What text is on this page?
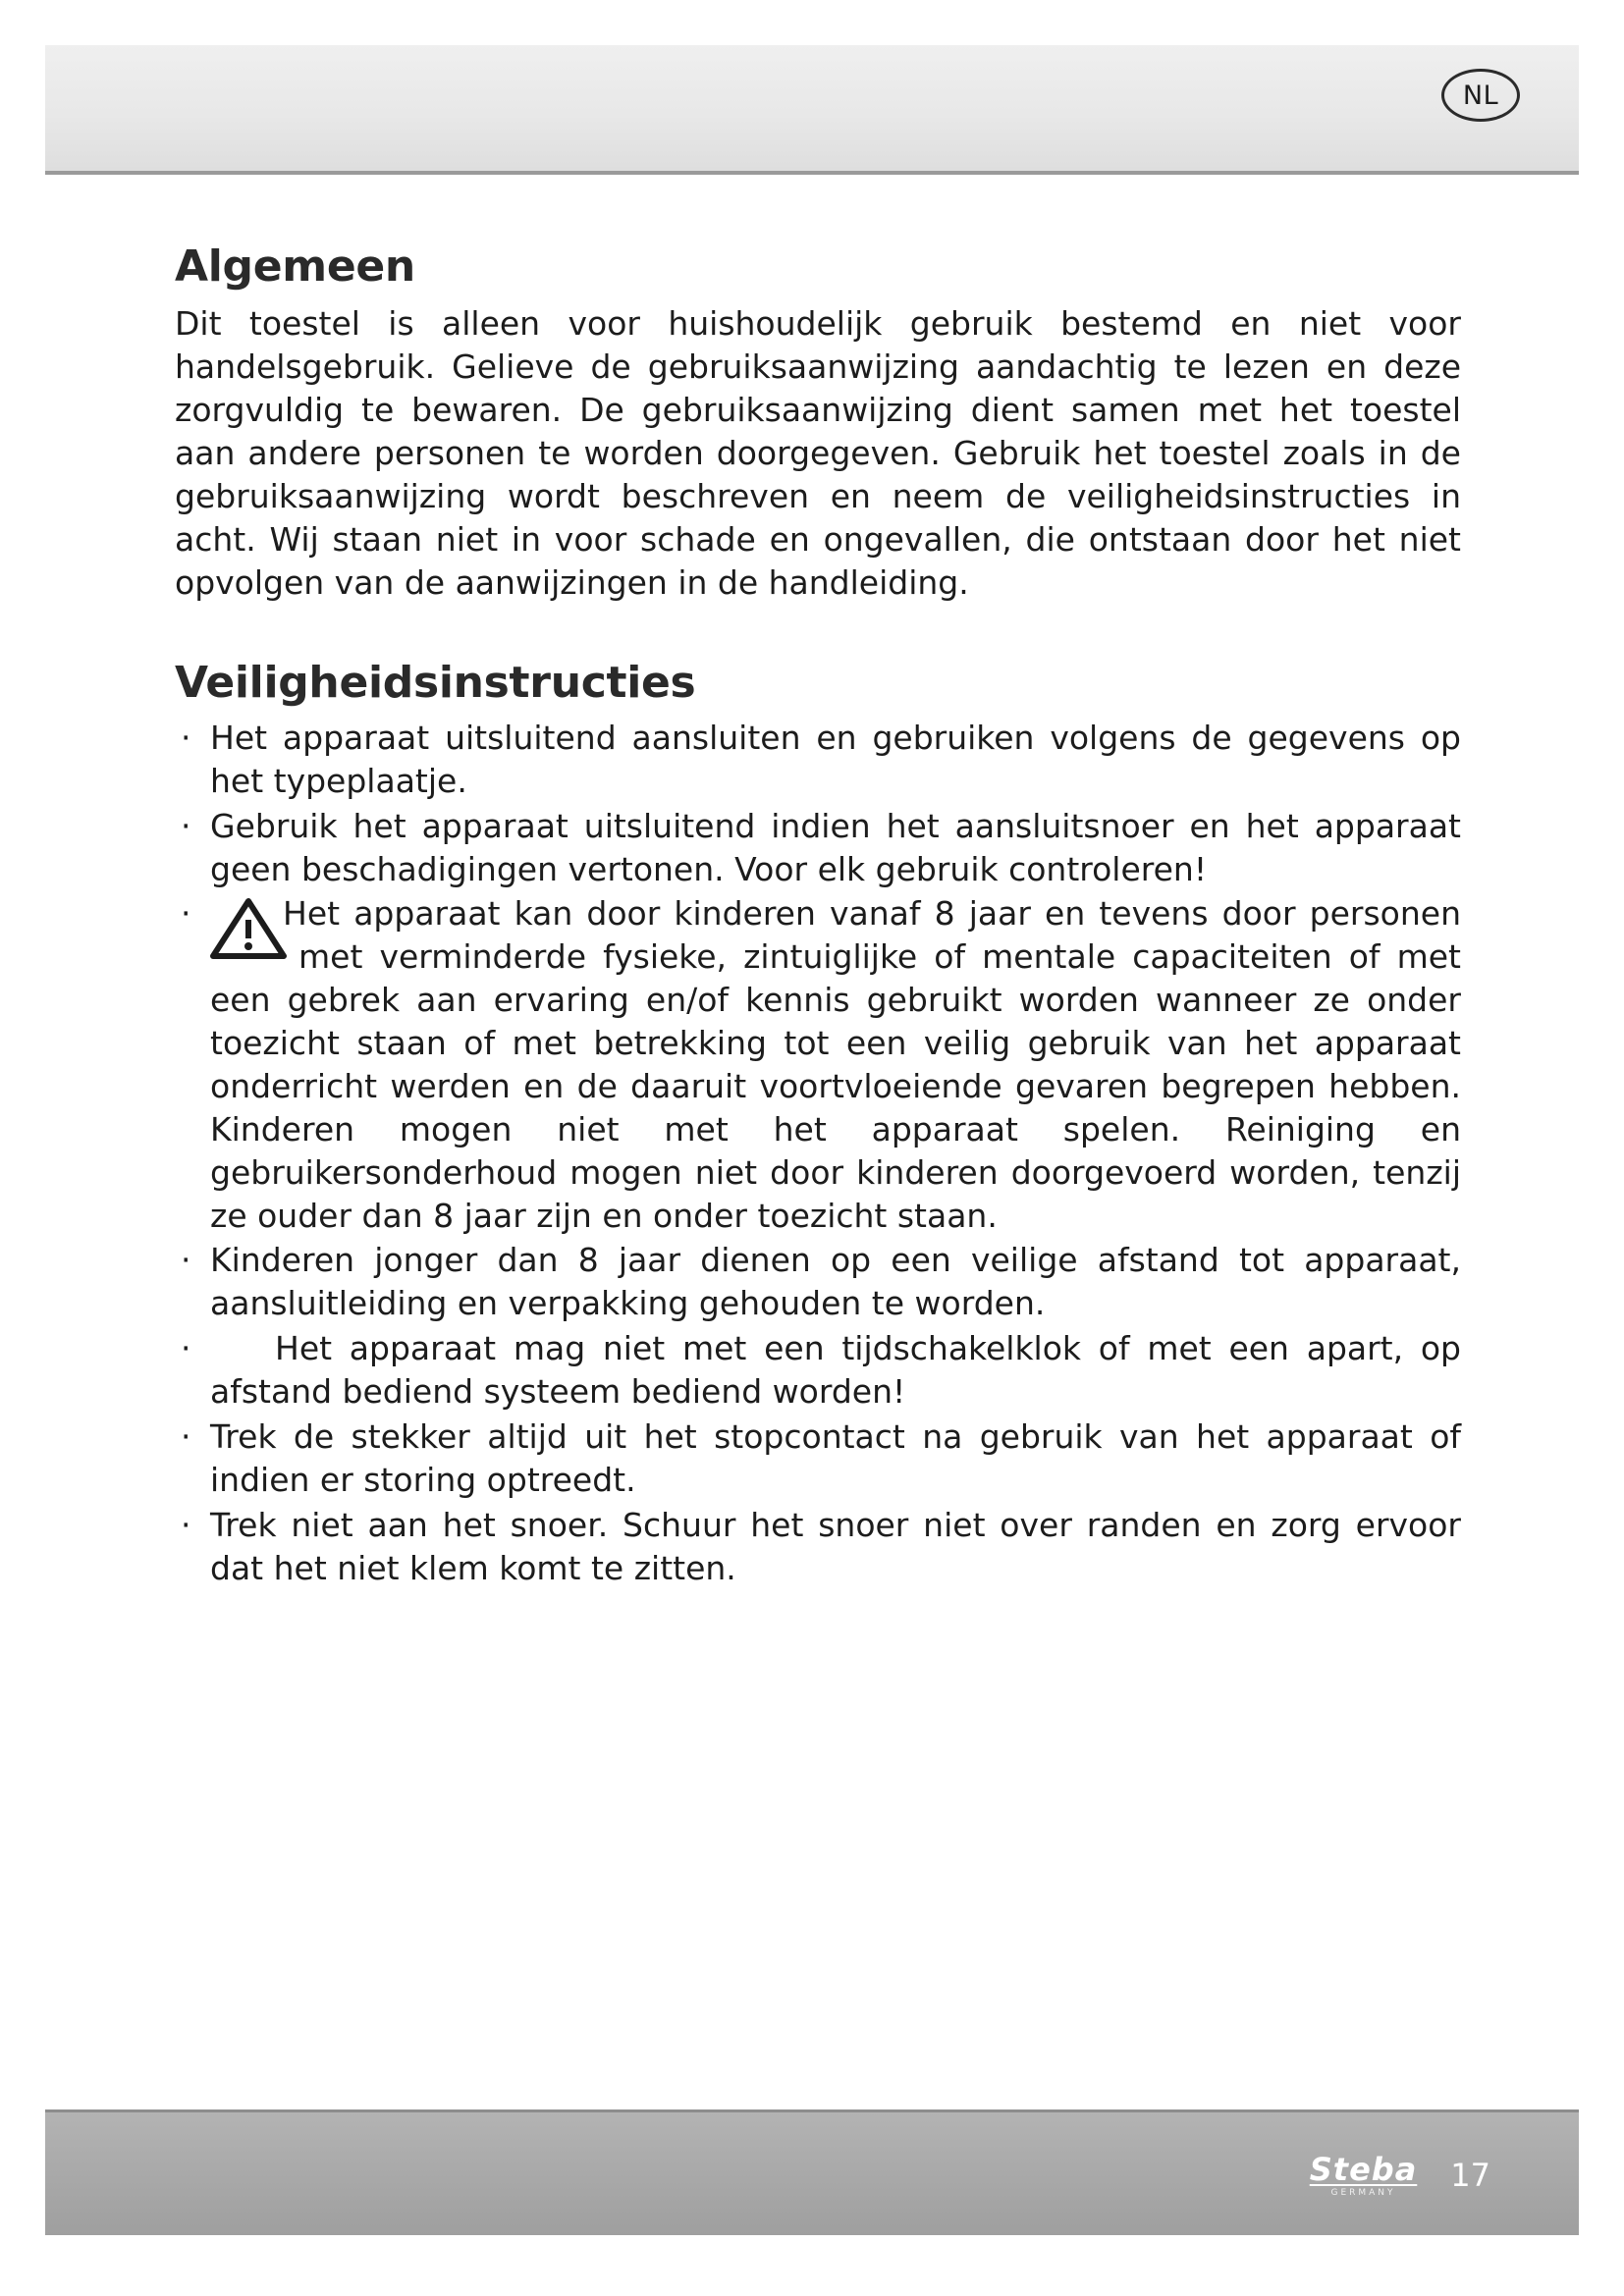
NL
Algemeen

Dit toestel is alleen voor huishoudelijk gebruik bestemd en niet voor handelsgebruik. Gelieve de gebruiksaanwijzing aandachtig te lezen en deze zorgvuldig te bewaren. De gebruiksaanwijzing dient samen met het toestel aan andere personen te worden doorgegeven. Gebruik het toestel zoals in de gebruiksaanwijzing wordt beschreven en neem de veiligheidsinstructies in acht. Wij staan niet in voor schade en ongevallen, die ontstaan door het niet opvolgen van de aanwijzingen in de handleiding.

Veiligheidsinstructies
· Het apparaat uitsluitend aansluiten en gebruiken volgens de gegevens op het typeplaatje.
· Gebruik het apparaat uitsluitend indien het aansluitsnoer en het apparaat geen beschadigingen vertonen. Voor elk gebruik controleren!
·	Het apparaat kan door kinderen vanaf 8 jaar en tevens door personen met verminderde fysieke, zintuiglijke of mentale capaciteiten of met een gebrek aan ervaring en/of kennis gebruikt worden wanneer ze onder toezicht staan of met betrekking tot een veilig gebruik van het apparaat onderricht werden en de daaruit voortvloeiende gevaren begrepen hebben. Kinderen mogen niet met het apparaat spelen. Reiniging en gebruikersonderhoud mogen niet door kinderen doorgevoerd worden, tenzij ze ouder dan 8 jaar zijn en onder toezicht staan.
· Kinderen jonger dan 8 jaar dienen op een veilige afstand tot apparaat, aansluitleiding en verpakking gehouden te worden.
·	Het apparaat mag niet met een tijdschakelklok of met een apart, op afstand bediend systeem bediend worden!
· Trek de stekker altijd uit het stopcontact na gebruik van het apparaat of indien er storing optreedt.
· Trek niet aan het snoer. Schuur het snoer niet over randen en zorg ervoor dat het niet klem komt te zitten.
Steba
GERMANY 17
